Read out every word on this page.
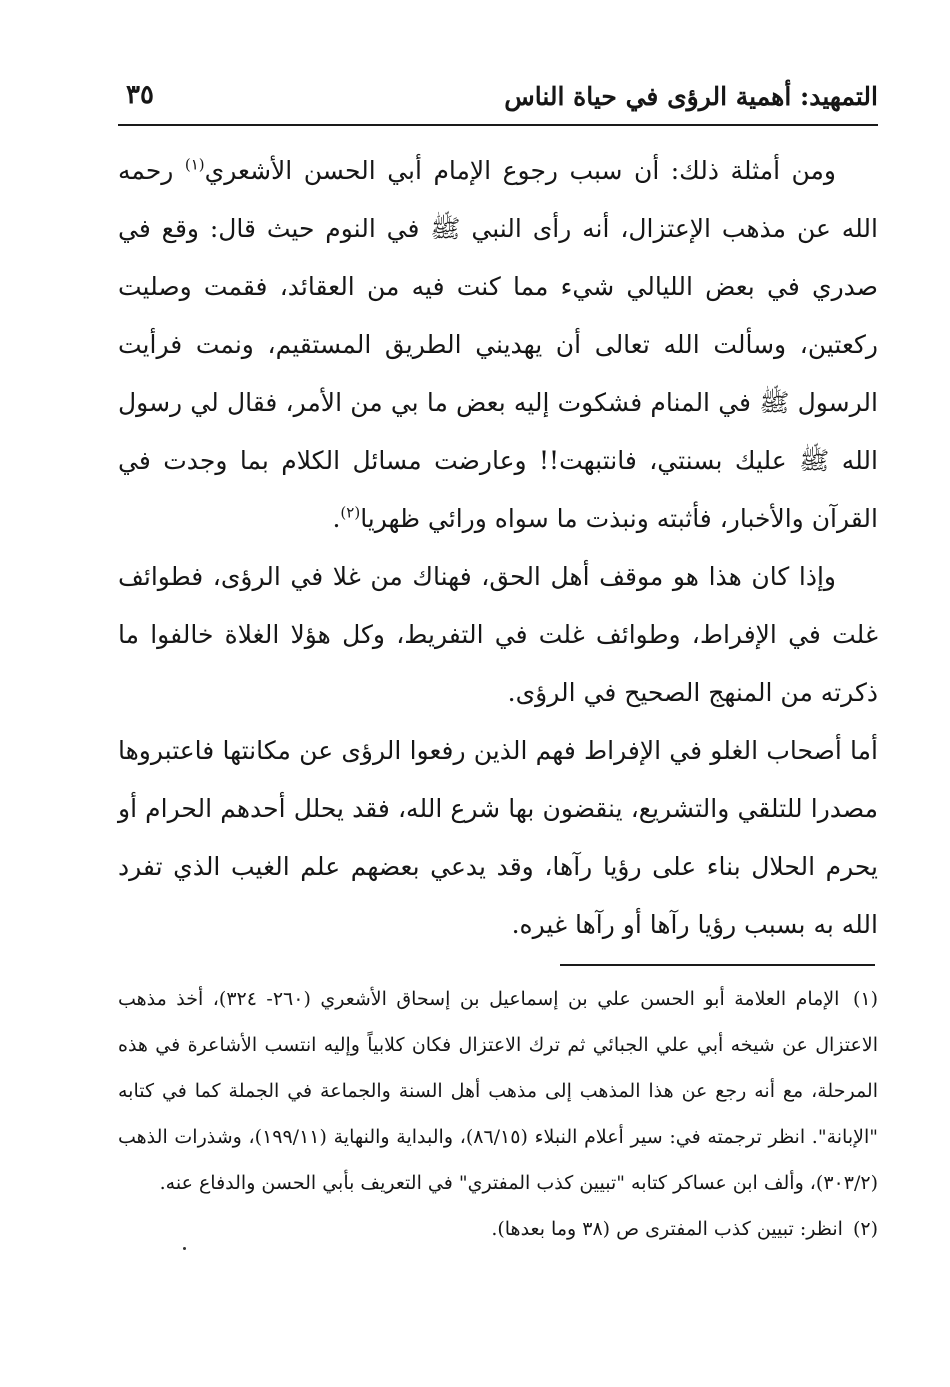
التمهيد: أهمية الرؤى في حياة الناس
٣٥

ومن أمثلة ذلك: أن سبب رجوع الإمام أبي الحسن الأشعري$^{(١)}$ رحمه الله عن مذهب الإعتزال، أنه رأى النبي ﷺ في النوم حيث قال: وقع في صدري في بعض الليالي شيء مما كنت فيه من العقائد، فقمت وصليت ركعتين، وسألت الله تعالى أن يهديني الطريق المستقيم، ونمت فرأيت الرسول ﷺ في المنام فشكوت إليه بعض ما بي من الأمر، فقال لي رسول الله ﷺ عليك بسنتي، فانتبهت!! وعارضت مسائل الكلام بما وجدت في القرآن والأخبار، فأثبته ونبذت ما سواه ورائي ظهريا$^{(٢)}$.

وإذا كان هذا هو موقف أهل الحق، فهناك من غلا في الرؤى، فطوائف غلت في الإفراط، وطوائف غلت في التفريط، وكل هؤلا الغلاة خالفوا ما ذكرته من المنهج الصحيح في الرؤى.

أما أصحاب الغلو في الإفراط فهم الذين رفعوا الرؤى عن مكانتها فاعتبروها مصدرا للتلقي والتشريع، ينقضون بها شرع الله، فقد يحلل أحدهم الحرام أو يحرم الحلال بناء على رؤيا رآها، وقد يدعي بعضهم علم الغيب الذي تفرد الله به بسبب رؤيا رآها أو رآها غيره.

(١) الإمام العلامة أبو الحسن علي بن إسماعيل بن إسحاق الأشعري (٢٦٠- ٣٢٤)، أخذ مذهب الاعتزال عن شيخه أبي علي الجبائي ثم ترك الاعتزال فكان كلابياً وإليه انتسب الأشاعرة في هذه المرحلة، مع أنه رجع عن هذا المذهب إلى مذهب أهل السنة والجماعة في الجملة كما في كتابه "الإبانة". انظر ترجمته في: سير أعلام النبلاء (٨٦/١٥)، والبداية والنهاية (١٩٩/١١)، وشذرات الذهب (٣٠٣/٢)، وألف ابن عساكر كتابه "تبيين كذب المفتري" في التعريف بأبي الحسن والدفاع عنه.

(٢) انظر: تبيين كذب المفترى ص (٣٨ وما بعدها).
